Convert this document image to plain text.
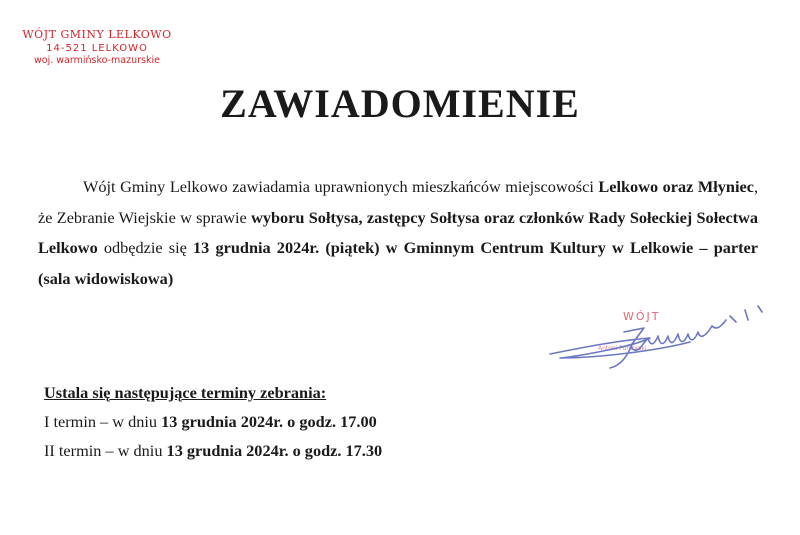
WÓJT GMINY LELKOWO
14-521 LELKOWO
woj. warmińsko-mazurskie
ZAWIADOMIENIE
Wójt Gminy Lelkowo zawiadamia uprawnionych mieszkańców miejscowości Lelkowo oraz Młyniec, że Zebranie Wiejskie w sprawie wyboru Sołtysa, zastępcy Sołtysa oraz członków Rady Sołeckiej Sołectwa Lelkowo odbędzie się 13 grudnia 2024r. (piątek) w Gminnym Centrum Kultury w Lelkowie – parter (sala widowiskowa)
WÓJT
Antoni Pomorski
Ustala się następujące terminy zebrania:
I termin – w dniu 13 grudnia 2024r. o godz. 17.00
II termin – w dniu 13 grudnia 2024r. o godz. 17.30
